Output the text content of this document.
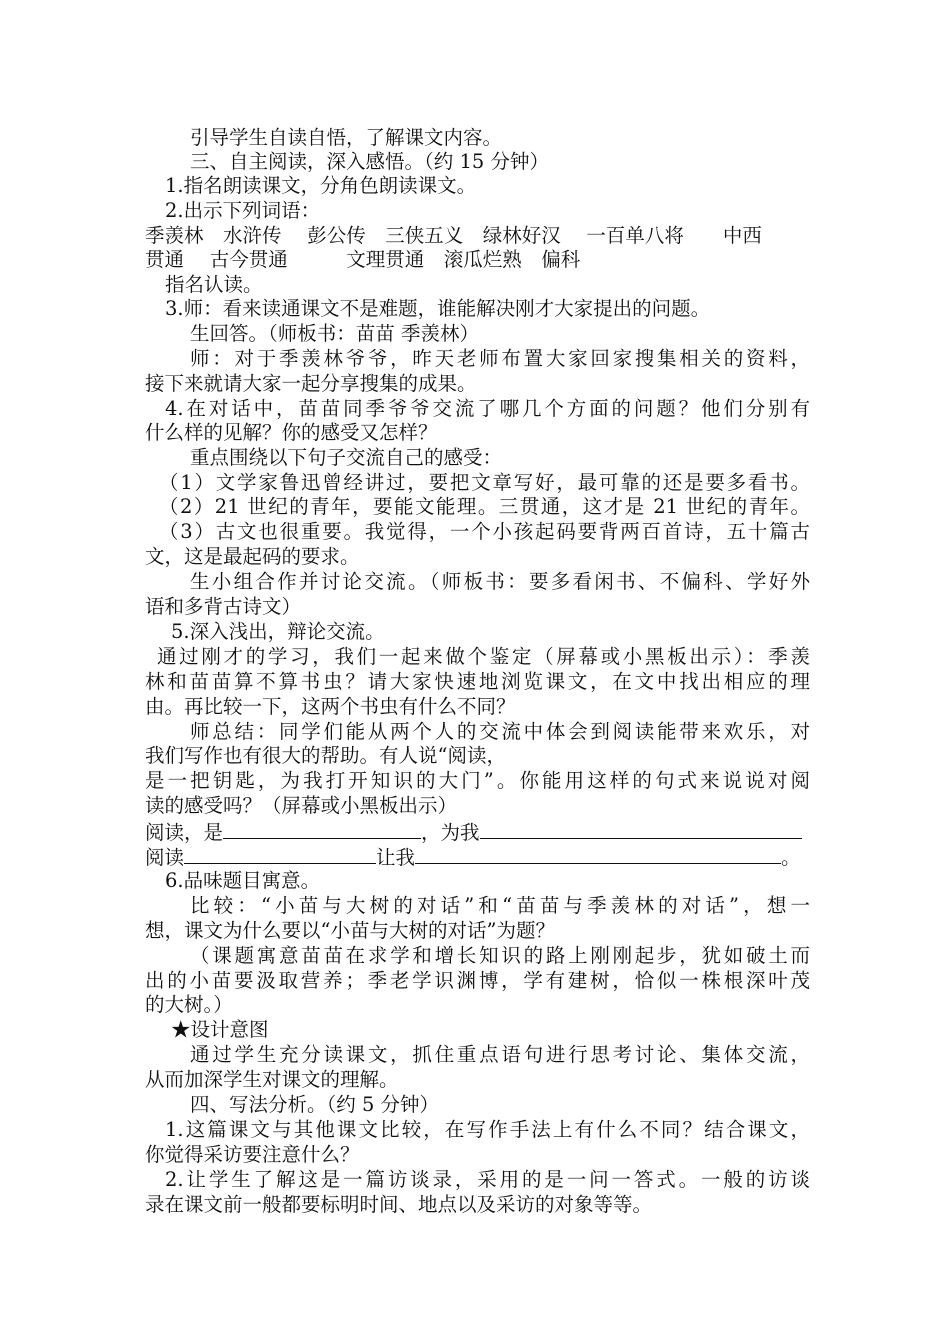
引导学生自读自悟，了解课文内容。
三、自主阅读，深入感悟。（约 15 分钟）
1.指名朗读课文，分角色朗读课文。
2.出示下列词语：
季羡林　水浒传　 彭公传　三侠五义　绿林好汉　 一百单八将　　中西
贯通　 古今贯通　　　文理贯通　滚瓜烂熟　偏科
指名认读。
3.师：看来读通课文不是难题，谁能解决刚才大家提出的问题。
生回答。（师板书：苗苗 季羡林）
师：对于季羡林爷爷，昨天老师布置大家回家搜集相关的资料，
接下来就请大家一起分享搜集的成果。
4.在对话中，苗苗同季爷爷交流了哪几个方面的问题？他们分别有
什么样的见解？你的感受又怎样？
重点围绕以下句子交流自己的感受：
（1）文学家鲁迅曾经讲过，要把文章写好，最可靠的还是要多看书。
（2）21 世纪的青年，要能文能理。三贯通，这才是 21 世纪的青年。
（3）古文也很重要。我觉得，一个小孩起码要背两百首诗，五十篇古
文，这是最起码的要求。
生小组合作并讨论交流。（师板书：要多看闲书、不偏科、学好外
语和多背古诗文）
5.深入浅出，辩论交流。
通过刚才的学习，我们一起来做个鉴定（屏幕或小黑板出示）：季羡
林和苗苗算不算书虫？请大家快速地浏览课文，在文中找出相应的理
由。再比较一下，这两个书虫有什么不同？
师总结：同学们能从两个人的交流中体会到阅读能带来欢乐，对
我们写作也有很大的帮助。有人说“阅读，
是一把钥匙，为我打开知识的大门”。你能用这样的句式来说说对阅
读的感受吗？（屏幕或小黑板出示）
阅读，是	，为我
阅读	让我	。
6.品味题目寓意。
比较：“小苗与大树的对话”和“苗苗与季羡林的对话”，想一
想，课文为什么要以“小苗与大树的对话”为题？
（课题寓意苗苗在求学和增长知识的路上刚刚起步，犹如破土而
出的小苗要汲取营养；季老学识渊博，学有建树，恰似一株根深叶茂
的大树。）
★设计意图
通过学生充分读课文，抓住重点语句进行思考讨论、集体交流，
从而加深学生对课文的理解。
四、写法分析。（约 5 分钟）
1.这篇课文与其他课文比较，在写作手法上有什么不同？结合课文，
你觉得采访要注意什么？
2.让学生了解这是一篇访谈录，采用的是一问一答式。一般的访谈
录在课文前一般都要标明时间、地点以及采访的对象等等。
